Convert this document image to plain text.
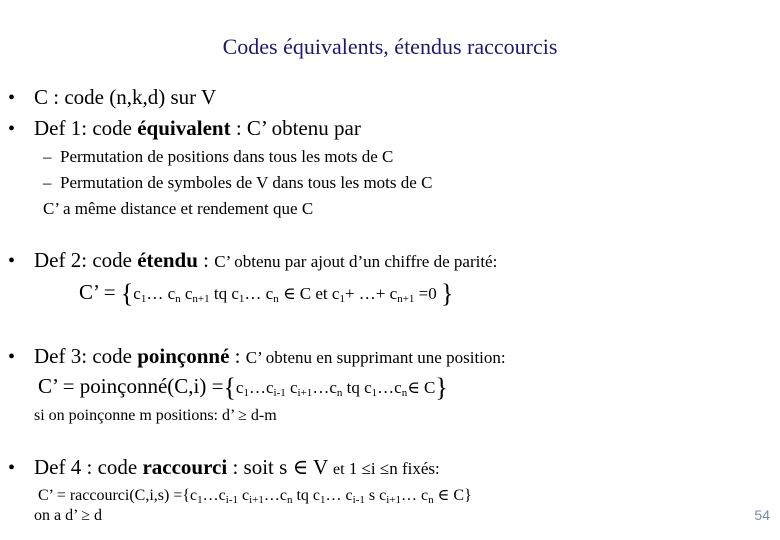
Codes équivalents, étendus raccourcis
• C : code (n,k,d) sur V
• Def 1: code équivalent : C’ obtenu par
– Permutation de positions dans tous les mots de C
– Permutation de symboles de V dans tous les mots de C
C’ a même distance et rendement que C
• Def 2: code étendu : C’ obtenu par ajout d’un chiffre de parité:
C’ = {$c_1\dots$ $c_n$ $c_{n+1}$ tq $c_1\dots$ $c_n$ ∈ C et $c_1+$ …+ $c_{n+1} =0$ }
• Def 3: code poinçonné : C’ obtenu en supprimant une position:
C’ = poinçonné(C,i) $=\{c_1\dots c_{i-1}$ $c_{i+1}\dots c_n$ tq $c_1\dots c_n\in$ C}
si on poinçonne m positions: d’ ≥ d-m
• Def 4 : code raccourci : soit s ∈ V et 1 ≤i ≤n fixés:
C’ = raccourci(C,i,s) $=\{c_1\dots c_{i-1}$ $c_{i+1}\dots c_n$ tq $c_1\dots$ $c_{i-1}$ s $c_{i+1}\dots$ $c_n$ ∈ C}
on a d’ ≥ d	54
